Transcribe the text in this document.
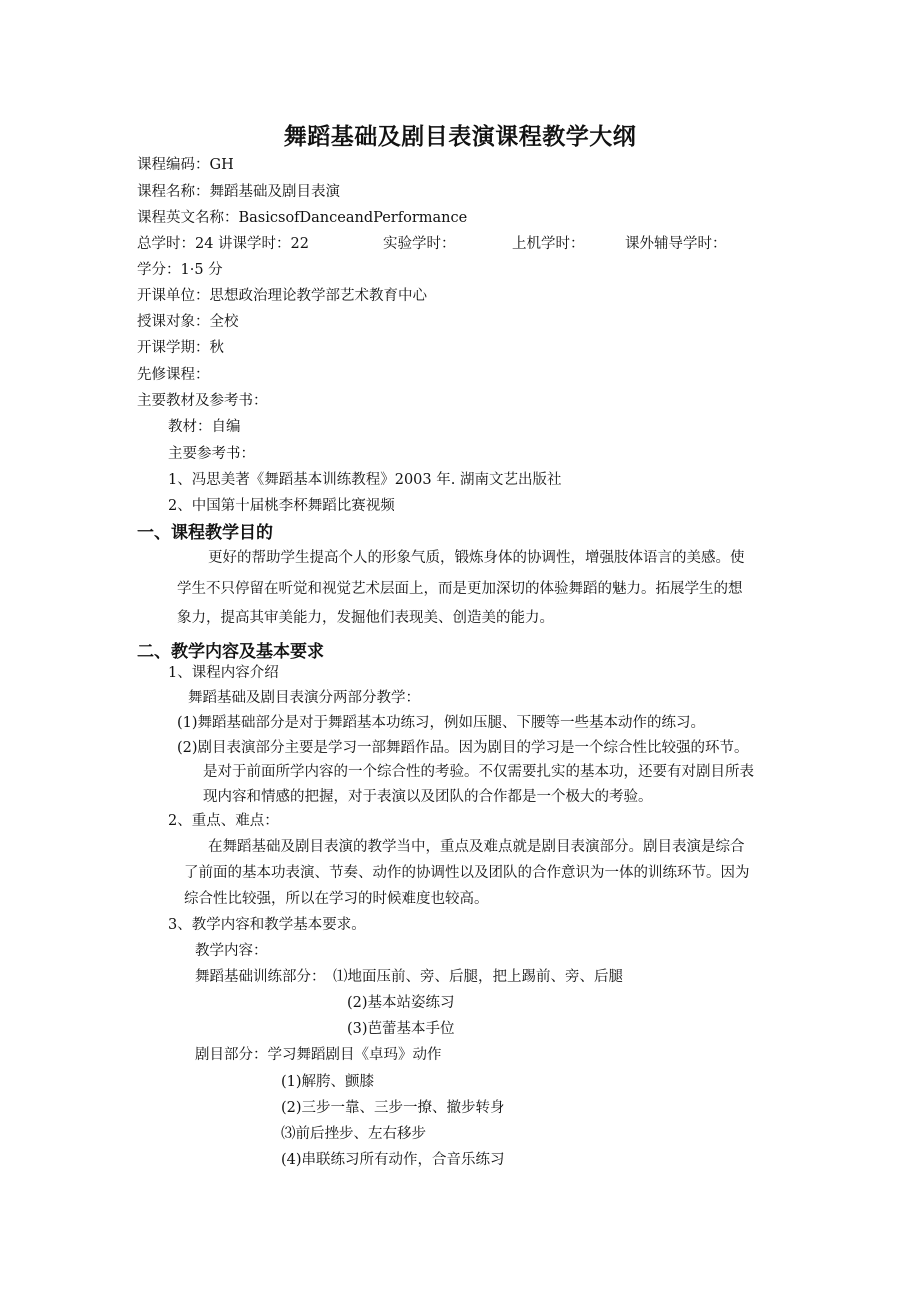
舞蹈基础及剧目表演课程教学大纲
课程编码：GH
课程名称：舞蹈基础及剧目表演
课程英文名称：BasicsofDanceandPerformance
总学时：24 讲课学时：22	实验学时：	上机学时：	课外辅导学时：
学分：1·5 分
开课单位：思想政治理论教学部艺术教育中心
授课对象：全校
开课学期：秋
先修课程：
主要教材及参考书：
教材：自编
主要参考书：
1、冯思美著《舞蹈基本训练教程》2003 年. 湖南文艺出版社
2、中国第十届桃李杯舞蹈比赛视频
一、课程教学目的
更好的帮助学生提高个人的形象气质，锻炼身体的协调性，增强肢体语言的美感。使
学生不只停留在听觉和视觉艺术层面上，而是更加深切的体验舞蹈的魅力。拓展学生的想
象力，提高其审美能力，发掘他们表现美、创造美的能力。
二、教学内容及基本要求
1、课程内容介绍
舞蹈基础及剧目表演分两部分教学：
(1)舞蹈基础部分是对于舞蹈基本功练习，例如压腿、下腰等一些基本动作的练习。
(2)剧目表演部分主要是学习一部舞蹈作品。因为剧目的学习是一个综合性比较强的环节。
是对于前面所学内容的一个综合性的考验。不仅需要扎实的基本功，还要有对剧目所表
现内容和情感的把握，对于表演以及团队的合作都是一个极大的考验。
2、重点、难点：
在舞蹈基础及剧目表演的教学当中，重点及难点就是剧目表演部分。剧目表演是综合
了前面的基本功表演、节奏、动作的协调性以及团队的合作意识为一体的训练环节。因为
综合性比较强，所以在学习的时候难度也较高。
3、教学内容和教学基本要求。
教学内容：
舞蹈基础训练部分： ⑴地面压前、旁、后腿，把上踢前、旁、后腿
(2)基本站姿练习
(3)芭蕾基本手位
剧目部分：学习舞蹈剧目《卓玛》动作
(1)解胯、颤膝
(2)三步一靠、三步一撩、撤步转身
⑶前后挫步、左右移步
(4)串联练习所有动作，合音乐练习
